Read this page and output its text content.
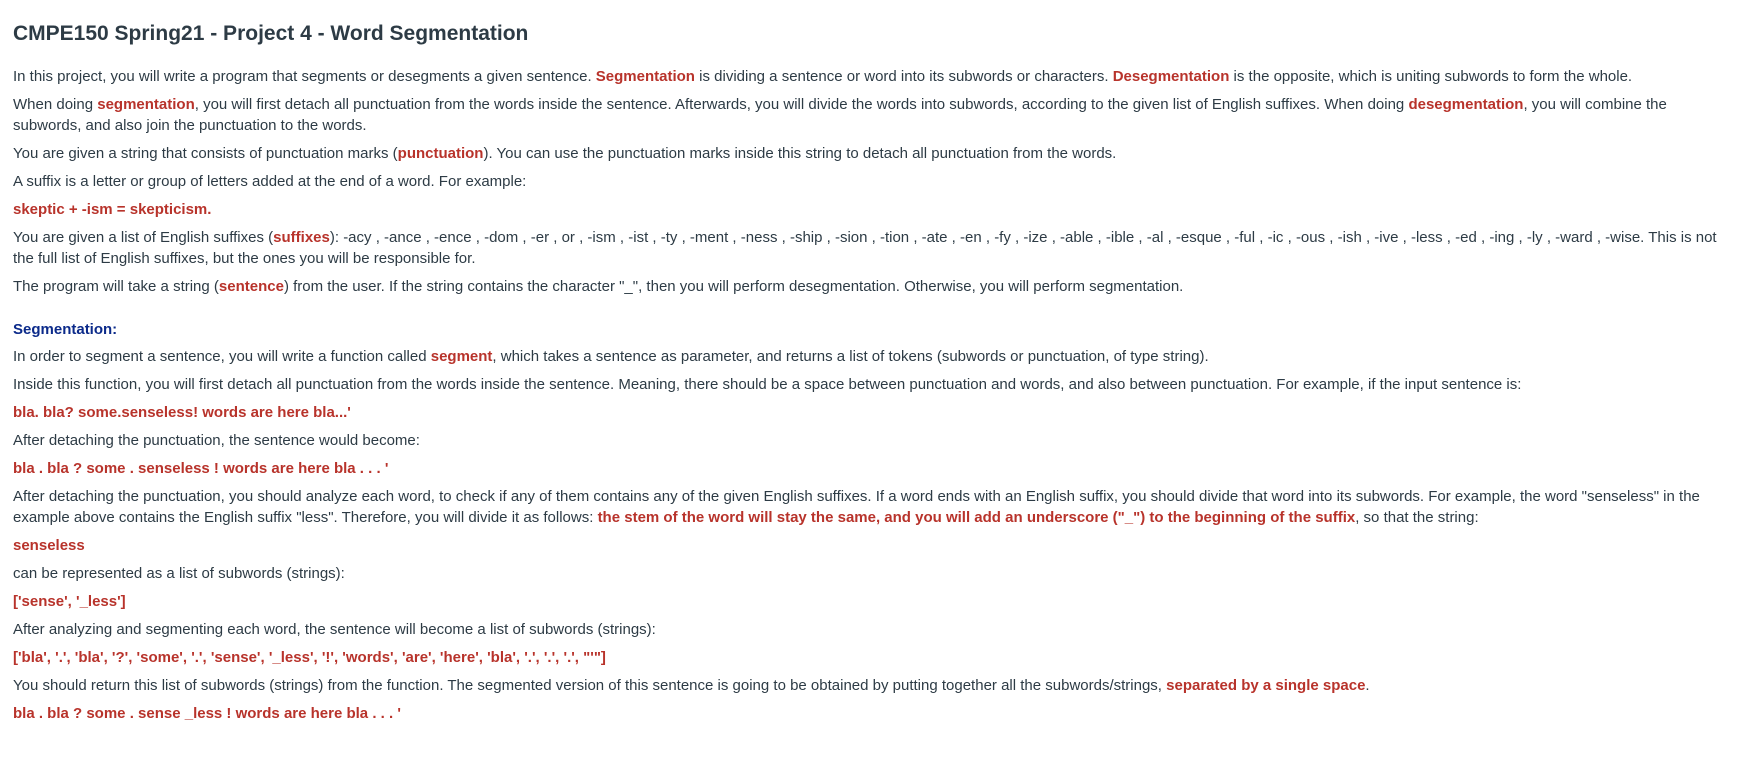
CMPE150 Spring21 - Project 4 - Word Segmentation

In this project, you will write a program that segments or desegments a given sentence. Segmentation is dividing a sentence or word into its subwords or characters. Desegmentation is the opposite, which is uniting subwords to form the whole.

When doing segmentation, you will first detach all punctuation from the words inside the sentence. Afterwards, you will divide the words into subwords, according to the given list of English suffixes. When doing desegmentation, you will combine the subwords, and also join the punctuation to the words.

You are given a string that consists of punctuation marks (punctuation). You can use the punctuation marks inside this string to detach all punctuation from the words.

A suffix is a letter or group of letters added at the end of a word. For example:

skeptic + -ism = skepticism.

You are given a list of English suffixes (suffixes): -acy , -ance , -ence , -dom , -er , or , -ism , -ist , -ty , -ment , -ness , -ship , -sion , -tion , -ate , -en , -fy , -ize , -able , -ible , -al , -esque , -ful , -ic , -ous , -ish , -ive , -less , -ed , -ing , -ly , -ward , -wise. This is not the full list of English suffixes, but the ones you will be responsible for.

The program will take a string (sentence) from the user. If the string contains the character "_", then you will perform desegmentation. Otherwise, you will perform segmentation.

Segmentation:

In order to segment a sentence, you will write a function called segment, which takes a sentence as parameter, and returns a list of tokens (subwords or punctuation, of type string).

Inside this function, you will first detach all punctuation from the words inside the sentence. Meaning, there should be a space between punctuation and words, and also between punctuation. For example, if the input sentence is:

bla. bla? some.senseless! words are here bla...'

After detaching the punctuation, the sentence would become:

bla . bla ? some . senseless ! words are here bla . . . '

After detaching the punctuation, you should analyze each word, to check if any of them contains any of the given English suffixes. If a word ends with an English suffix, you should divide that word into its subwords. For example, the word "senseless" in the example above contains the English suffix "less". Therefore, you will divide it as follows: the stem of the word will stay the same, and you will add an underscore ("_") to the beginning of the suffix, so that the string:

senseless

can be represented as a list of subwords (strings):

['sense', '_less']

After analyzing and segmenting each word, the sentence will become a list of subwords (strings):

['bla', '.', 'bla', '?', 'some', '.', 'sense', '_less', '!', 'words', 'are', 'here', 'bla', '.', '.', '.', "'"]

You should return this list of subwords (strings) from the function. The segmented version of this sentence is going to be obtained by putting together all the subwords/strings, separated by a single space.

bla . bla ? some . sense _less ! words are here bla . . . '
